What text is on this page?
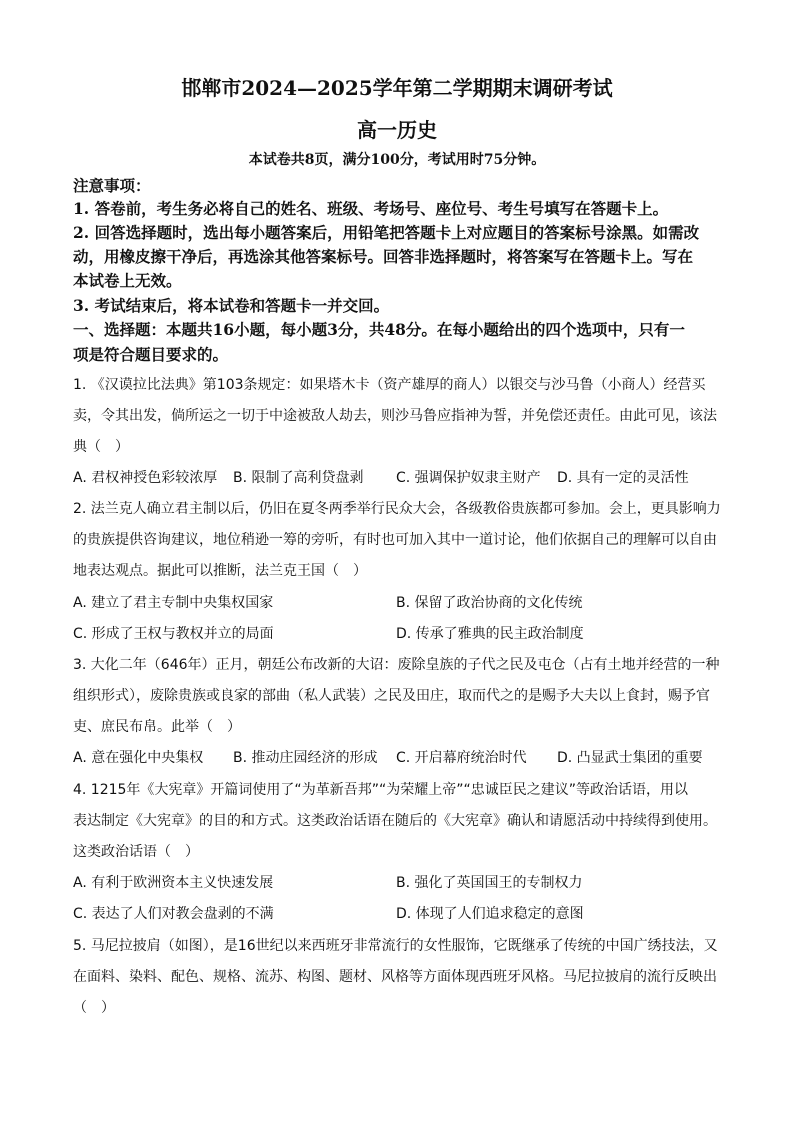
邯郸市2024—2025学年第二学期期末调研考试
高一历史
本试卷共8页，满分100分，考试用时75分钟。
注意事项：
1. 答卷前，考生务必将自己的姓名、班级、考场号、座位号、考生号填写在答题卡上。
2. 回答选择题时，选出每小题答案后，用铅笔把答题卡上对应题目的答案标号涂黑。如需改
动，用橡皮擦干净后，再选涂其他答案标号。回答非选择题时，将答案写在答题卡上。写在
本试卷上无效。
3. 考试结束后，将本试卷和答题卡一并交回。
一、选择题：本题共16小题，每小题3分，共48分。在每小题给出的四个选项中，只有一
项是符合题目要求的。
1. 《汉谟拉比法典》第103条规定：如果塔木卡（资产雄厚的商人）以银交与沙马鲁（小商人）经营买
卖，令其出发，倘所运之一切于中途被敌人劫去，则沙马鲁应指神为誓，并免偿还责任。由此可见，该法
典（　）
A. 君权神授色彩较浓厚 B. 限制了高利贷盘剥 C. 强调保护奴隶主财产 D. 具有一定的灵活性
2. 法兰克人确立君主制以后，仍旧在夏冬两季举行民众大会，各级教俗贵族都可参加。会上，更具影响力
的贵族提供咨询建议，地位稍逊一筹的旁听，有时也可加入其中一道讨论，他们依据自己的理解可以自由
地表达观点。据此可以推断，法兰克王国（　）
A. 建立了君主专制中央集权国家	B. 保留了政治协商的文化传统
C. 形成了王权与教权并立的局面	D. 传承了雅典的民主政治制度
3. 大化二年（646年）正月，朝廷公布改新的大诏：废除皇族的子代之民及屯仓（占有土地并经营的一种
组织形式），废除贵族或良家的部曲（私人武装）之民及田庄，取而代之的是赐予大夫以上食封，赐予官
吏、庶民布帛。此举（　）
A. 意在强化中央集权 B. 推动庄园经济的形成 C. 开启幕府统治时代 D. 凸显武士集团的重要
4. 1215年《大宪章》开篇词使用了“为革新吾邦”“为荣耀上帝”“忠诚臣民之建议”等政治话语，用以
表达制定《大宪章》的目的和方式。这类政治话语在随后的《大宪章》确认和请愿活动中持续得到使用。
这类政治话语（　）
A. 有利于欧洲资本主义快速发展	B. 强化了英国国王的专制权力
C. 表达了人们对教会盘剥的不满	D. 体现了人们追求稳定的意图
5. 马尼拉披肩（如图），是16世纪以来西班牙非常流行的女性服饰，它既继承了传统的中国广绣技法，又
在面料、染料、配色、规格、流苏、构图、题材、风格等方面体现西班牙风格。马尼拉披肩的流行反映出
（　）
